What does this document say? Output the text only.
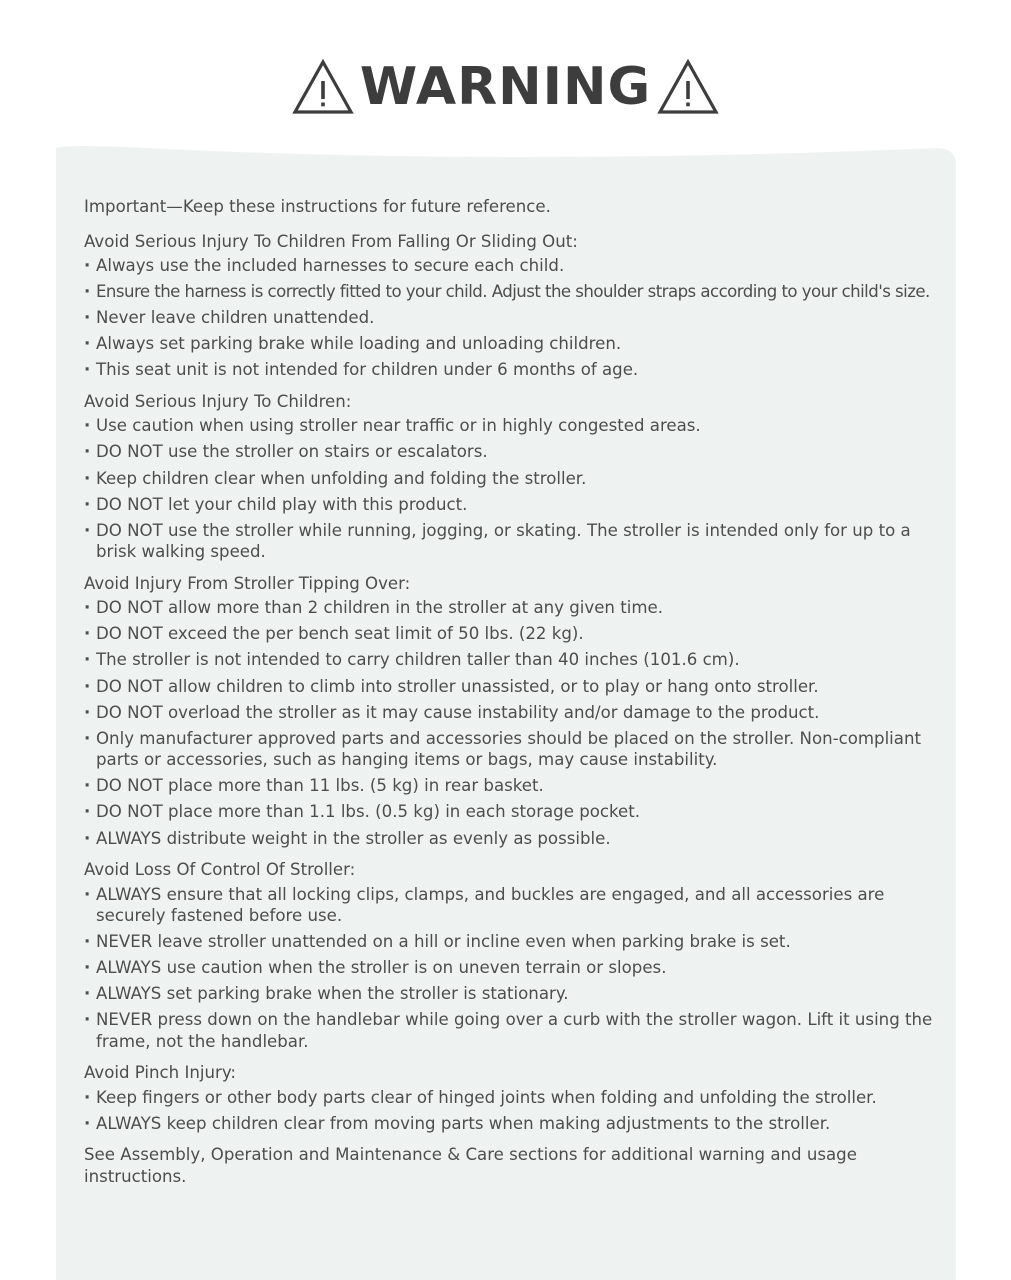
WARNING

Important—Keep these instructions for future reference.

Avoid Serious Injury To Children From Falling Or Sliding Out:

· Always use the included harnesses to secure each child.
· Ensure the harness is correctly fitted to your child. Adjust the shoulder straps according to your child's size.
· Never leave children unattended.
· Always set parking brake while loading and unloading children.
· This seat unit is not intended for children under 6 months of age.

Avoid Serious Injury To Children:

· Use caution when using stroller near traffic or in highly congested areas.
· DO NOT use the stroller on stairs or escalators.
· Keep children clear when unfolding and folding the stroller.
· DO NOT let your child play with this product.
· DO NOT use the stroller while running, jogging, or skating. The stroller is intended only for up to a brisk walking speed.

Avoid Injury From Stroller Tipping Over:

· DO NOT allow more than 2 children in the stroller at any given time.
· DO NOT exceed the per bench seat limit of 50 lbs. (22 kg).
· The stroller is not intended to carry children taller than 40 inches (101.6 cm).
· DO NOT allow children to climb into stroller unassisted, or to play or hang onto stroller.
· DO NOT overload the stroller as it may cause instability and/or damage to the product.
· Only manufacturer approved parts and accessories should be placed on the stroller. Non-compliant parts or accessories, such as hanging items or bags, may cause instability.
· DO NOT place more than 11 lbs. (5 kg) in rear basket.
· DO NOT place more than 1.1 lbs. (0.5 kg) in each storage pocket.
· ALWAYS distribute weight in the stroller as evenly as possible.

Avoid Loss Of Control Of Stroller:

· ALWAYS ensure that all locking clips, clamps, and buckles are engaged, and all accessories are securely fastened before use.
· NEVER leave stroller unattended on a hill or incline even when parking brake is set.
· ALWAYS use caution when the stroller is on uneven terrain or slopes.
· ALWAYS set parking brake when the stroller is stationary.
· NEVER press down on the handlebar while going over a curb with the stroller wagon. Lift it using the frame, not the handlebar.

Avoid Pinch Injury:

· Keep fingers or other body parts clear of hinged joints when folding and unfolding the stroller.
· ALWAYS keep children clear from moving parts when making adjustments to the stroller.

See Assembly, Operation and Maintenance & Care sections for additional warning and usage instructions.
